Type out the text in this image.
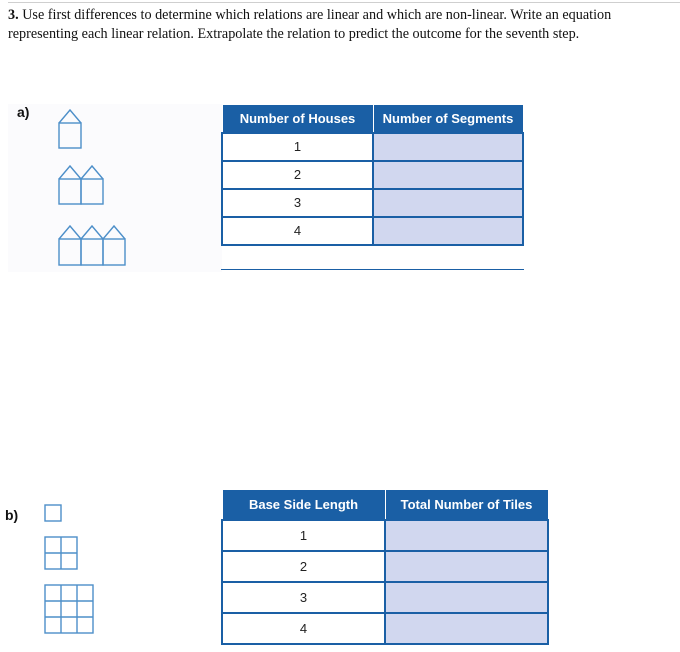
3. Use first differences to determine which relations are linear and which are non-linear. Write an equation representing each linear relation. Extrapolate the relation to predict the outcome for the seventh step.

a)	Number of Houses	Number of Segments
1	
2	
3	
4	
b)
Base Side Length	Total Number of Tiles
1	
2	
3	
4	
